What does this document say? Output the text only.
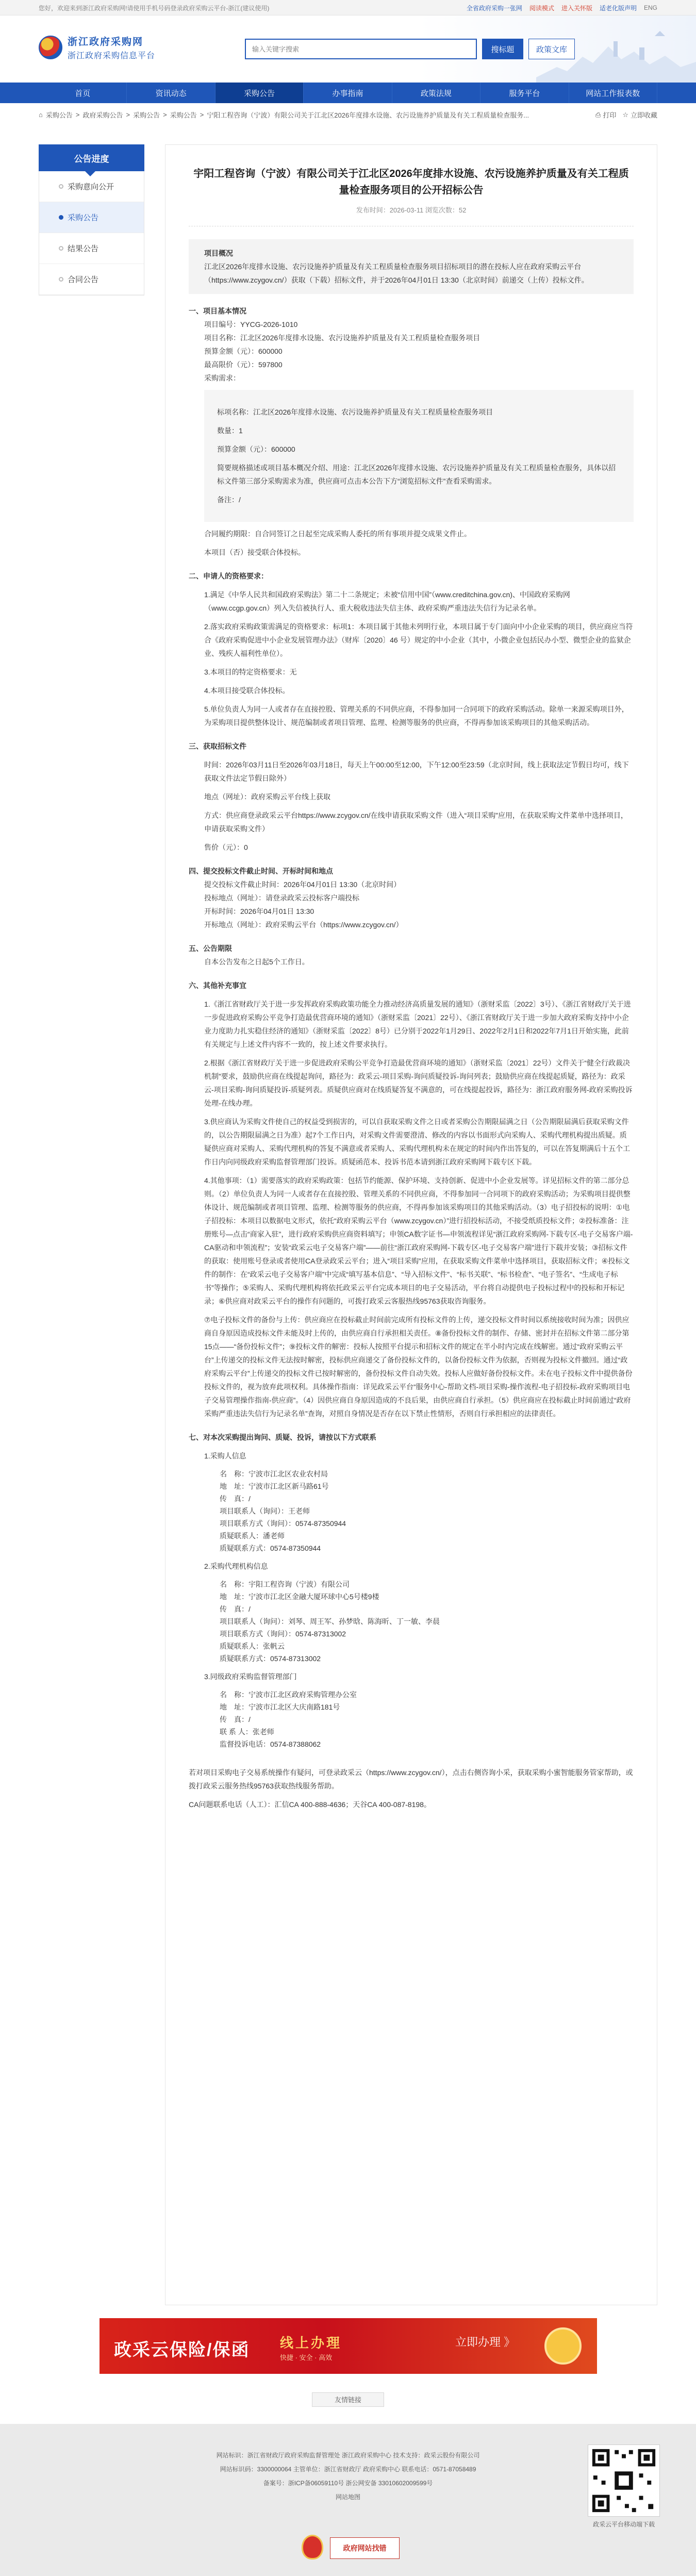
您好，欢迎来到浙江政府采购网!请使用手机号码登录政府采购云平台-浙江(建议使用)	全省政府采购一张网 阅读模式 进入关怀版 适老化版声明 ENG
浙江政府采购网
浙江政府采购信息平台
输入关键字搜索
搜标题	政策文库
首页	资讯动态	采购公告	办事指南	政策法规	服务平台	网站工作报表数
⌂ 采购公告 > 政府采购公告 > 采购公告 > 采购公告 > 宁阳工程咨询（宁波）有限公司关于江北区2026年度排水设施、农污设施养护质量及有关工程质量检查服务...	⎙ 打印 ☆ 立即收藏
公告进度
采购意向公开
采购公告
结果公告
合同公告
宇阳工程咨询（宁波）有限公司关于江北区2026年度排水设施、农污设施养护质量及有关工程质量检查服务项目的公开招标公告
发布时间：2026-03-11 浏览次数：52
项目概况
江北区2026年度排水设施、农污设施养护质量及有关工程质量检查服务项目招标项目的潜在投标人应在政府采购云平台（https://www.zcygov.cn/）获取（下载）招标文件，并于2026年04月01日 13:30（北京时间）前递交（上传）投标文件。
一、项目基本情况
项目编号：YYCG-2026-1010
项目名称：江北区2026年度排水设施、农污设施养护质量及有关工程质量检查服务项目
预算金额（元）：600000
最高限价（元）：597800
采购需求：
标项名称：江北区2026年度排水设施、农污设施养护质量及有关工程质量检查服务项目
数量：1
预算金额（元）：600000
简要规格描述或项目基本概况介绍、用途：江北区2026年度排水设施、农污设施养护质量及有关工程质量检查服务，具体以招标文件第三部分采购需求为准，供应商可点击本公告下方“浏览招标文件”查看采购需求。
备注：/
合同履约期限：自合同签订之日起至完成采购人委托的所有事项并提交成果文件止。
本项目（否）接受联合体投标。
二、申请人的资格要求：

1.满足《中华人民共和国政府采购法》第二十二条规定；未被“信用中国”（www.creditchina.gov.cn)、中国政府采购网（www.ccgp.gov.cn）列入失信被执行人、重大税收违法失信主体、政府采购严重违法失信行为记录名单。

2.落实政府采购政策需满足的资格要求：标项1：本项目属于其他未列明行业，本项目属于专门面向中小企业采购的项目，供应商应当符合《政府采购促进中小企业发展管理办法》（财库〔2020〕46 号）规定的中小企业（其中，小微企业包括民办小型、微型企业的监狱企业、残疾人福利性单位）。

3.本项目的特定资格要求：无

4.本项目接受联合体投标。

5.单位负责人为同一人或者存在直接控股、管理关系的不同供应商，不得参加同一合同项下的政府采购活动。除单一来源采购项目外，为采购项目提供整体设计、规范编制或者项目管理、监理、检测等服务的供应商，不得再参加该采购项目的其他采购活动。

三、获取招标文件

时间：2026年03月11日至2026年03月18日，每天上午00:00至12:00，下午12:00至23:59（北京时间，线上获取法定节假日均可，线下获取文件法定节假日除外）

地点（网址）：政府采购云平台线上获取

方式：供应商登录政采云平台https://www.zcygov.cn/在线申请获取采购文件（进入“项目采购”应用，在获取采购文件菜单中选择项目，申请获取采购文件）

售价（元）：0

四、提交投标文件截止时间、开标时间和地点
提交投标文件截止时间：2026年04月01日 13:30（北京时间）
投标地点（网址）：请登录政采云投标客户端投标
开标时间：2026年04月01日 13:30
开标地点（网址）：政府采购云平台（https://www.zcygov.cn/）
五、公告期限
自本公告发布之日起5个工作日。
六、其他补充事宜

1.《浙江省财政厅关于进一步发挥政府采购政策功能全力推动经济高质量发展的通知》（浙财采监〔2022〕3号）、《浙江省财政厅关于进一步促进政府采购公平竞争打造最优营商环境的通知》（浙财采监〔2021〕22号）、《浙江省财政厅关于进一步加大政府采购支持中小企业力度助力扎实稳住经济的通知》（浙财采监〔2022〕8号）已分别于2022年1月29日、2022年2月1日和2022年7月1日开始实施，此前有关规定与上述文件内容不一致的，按上述文件要求执行。

2.根据《浙江省财政厅关于进一步促进政府采购公平竞争打造最优营商环境的通知》（浙财采监〔2021〕22号）文件关于“健全行政裁决机制”要求，鼓励供应商在线提起询问，路径为：政采云-项目采购-询问质疑投诉-询问列表；鼓励供应商在线提起质疑，路径为：政采云-项目采购-询问质疑投诉-质疑列表。质疑供应商对在线质疑答复不满意的，可在线提起投诉，路径为：浙江政府服务网-政府采购投诉处理-在线办理。

3.供应商认为采购文件使自己的权益受到损害的，可以自获取采购文件之日或者采购公告期限届满之日（公告期限届满后获取采购文件的，以公告期限届满之日为准）起7个工作日内，对采购文件需要澄清、修改的内容以书面形式向采购人、采购代理机构提出质疑。质疑供应商对采购人、采购代理机构的答复不满意或者采购人、采购代理机构未在规定的时间内作出答复的，可以在答复期满后十五个工作日内向同级政府采购监督管理部门投诉。质疑函范本、投诉书范本请到浙江政府采购网下载专区下载。

4.其他事项：（1）需要落实的政府采购政策：包括节约能源、保护环境、支持创新、促进中小企业发展等。详见招标文件的第二部分总则。（2）单位负责人为同一人或者存在直接控股、管理关系的不同供应商，不得参加同一合同项下的政府采购活动；为采购项目提供整体设计、规范编制或者项目管理、监理、检测等服务的供应商，不得再参加该采购项目的其他采购活动。（3）电子招投标的说明：①电子招投标：本项目以数据电文形式，依托“政府采购云平台（www.zcygov.cn）”进行招投标活动，不接受纸质投标文件；②投标准备：注册账号—点击“商家入驻”，进行政府采购供应商资料填写；申领CA数字证书—申领流程详见“浙江政府采购网-下载专区-电子交易客户端-CA驱动和申领流程”；安装“政采云电子交易客户端”——前往“浙江政府采购网-下载专区-电子交易客户端”进行下载并安装；③招标文件的获取：使用账号登录或者使用CA登录政采云平台；进入“项目采购”应用，在获取采购文件菜单中选择项目，获取招标文件；④投标文件的制作：在“政采云电子交易客户端”中完成“填写基本信息”、“导入招标文件”、“标书关联”、“标书检查”、“电子签名”、“生成电子标书”等操作；⑤采购人、采购代理机构将依托政采云平台完成本项目的电子交易活动，平台将自动提供电子投标过程中的投标和开标记录；⑥供应商对政采云平台的操作有问题的，可拨打政采云客服热线95763获取咨询服务。

⑦电子投标文件的备份与上传：供应商应在投标截止时间前完成所有投标文件的上传，递交投标文件时间以系统接收时间为准；因供应商自身原因造成投标文件未能及时上传的，由供应商自行承担相关责任。⑧备份投标文件的制作、存储、密封并在招标文件第二部分第15点——“备份投标文件”；⑨投标文件的解密：投标人按照平台提示和招标文件的规定在半小时内完成在线解密。通过“政府采购云平台”上传递交的投标文件无法按时解密，投标供应商递交了备份投标文件的，以备份投标文件为依据，否则视为投标文件撤回。通过“政府采购云平台”上传递交的投标文件已按时解密的，备份投标文件自动失效。投标人应做好备份投标文件。未在电子投标文件中提供备份投标文件的，视为放弃此项权利。具体操作指南：详见政采云平台“服务中心-帮助文档-项目采购-操作流程-电子招投标-政府采购项目电子交易管理操作指南-供应商”。（4）因供应商自身原因造成的不良后果，由供应商自行承担。（5）供应商应在投标截止时间前通过“政府采购严重违法失信行为记录名单”查询，对照自身情况是否存在以下禁止性情形，否则自行承担相应的法律责任。

七、对本次采购提出询问、质疑、投诉，请按以下方式联系
1.采购人信息
名　称：宁波市江北区农业农村局
地　址：宁波市江北区新马路61号
传　真：/
项目联系人（询问）：王老师
项目联系方式（询问）：0574-87350944
质疑联系人：潘老师
质疑联系方式：0574-87350944
2.采购代理机构信息
名　称：宇阳工程咨询（宁波）有限公司
地　址：宁波市江北区金融大厦环球中心5号楼9楼
传　真：/
项目联系人（询问）：刘琴、周王军、孙梦晗、陈海昕、丁一敏、李晨
项目联系方式（询问）：0574-87313002
质疑联系人：张帆云
质疑联系方式：0574-87313002
3.同级政府采购监督管理部门
名　称：宁波市江北区政府采购管理办公室
地　址：宁波市江北区大庆南路181号
传　真：/
联 系 人：张老师
监督投诉电话：0574-87388062

若对项目采购电子交易系统操作有疑问，可登录政采云（https://www.zcygov.cn/），点击右侧咨询小采，获取采购小蜜智能服务管家帮助，或拨打政采云服务热线95763获取热线服务帮助。

CA问题联系电话（人工）：汇信CA 400-888-4636；天谷CA 400-087-8198。

政采云保险/保函 线上办理
快捷 · 安全 · 高效
立即办理 》
友情链接
网站标识：浙江省财政厅政府采购监督管理处 浙江政府采购中心 技术支持：政采云股份有限公司
网站标识码：3300000064 主管单位：浙江省财政厅 政府采购中心 联系电话：0571-87058489
备案号：浙ICP备06059110号 浙公网安备 33010602009599号
网站地图
政采云平台移动端下载
政府网站找错
